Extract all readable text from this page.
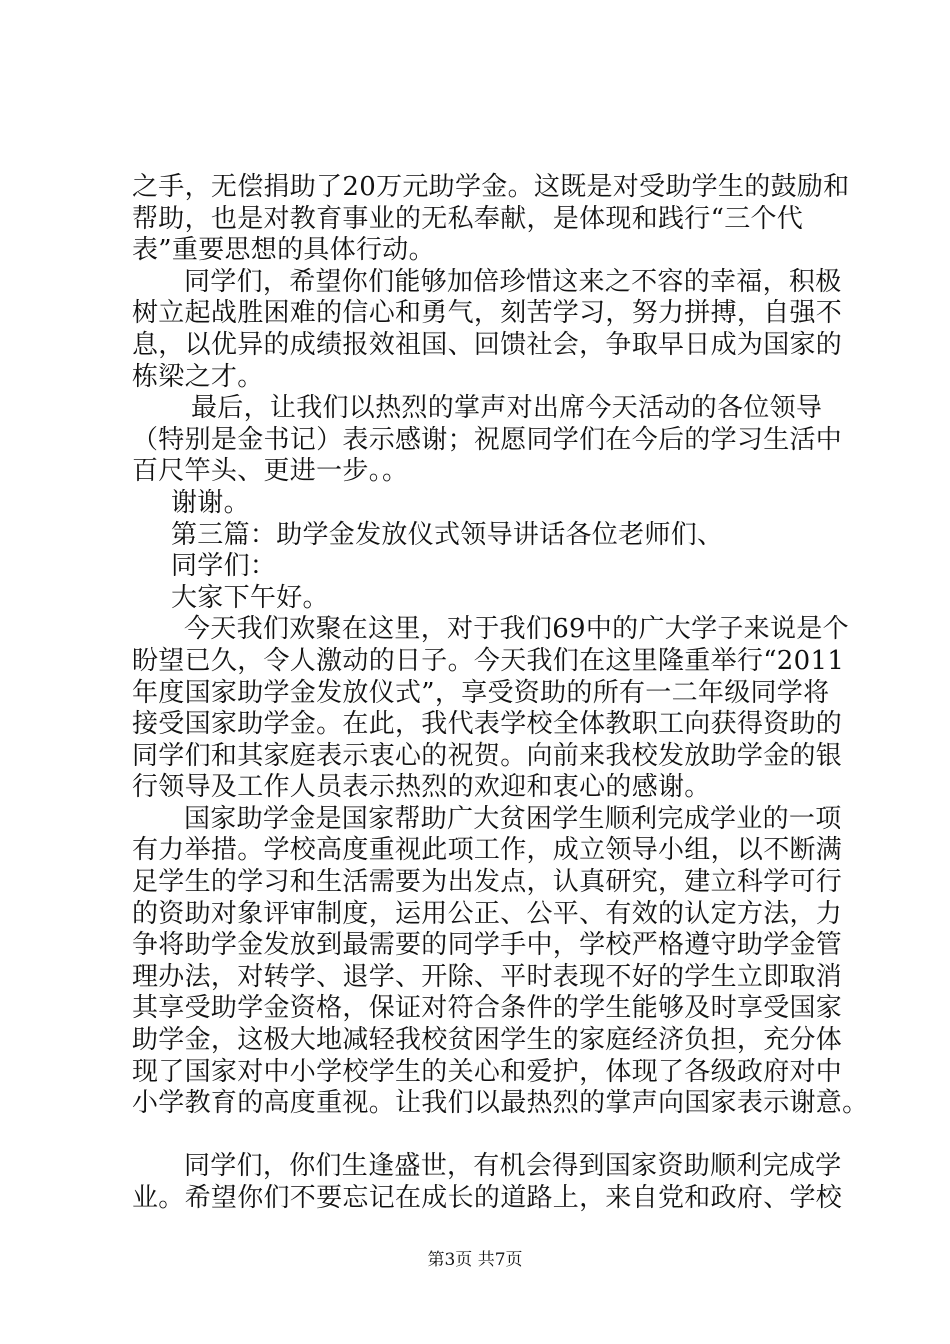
之手，无偿捐助了20万元助学金。这既是对受助学生的鼓励和
帮助，也是对教育事业的无私奉献，是体现和践行“三个代
表”重要思想的具体行动。
同学们，希望你们能够加倍珍惜这来之不容的幸福，积极
树立起战胜困难的信心和勇气，刻苦学习，努力拼搏，自强不
息，以优异的成绩报效祖国、回馈社会，争取早日成为国家的
栋梁之才。
最后，让我们以热烈的掌声对出席今天活动的各位领导
（特别是金书记）表示感谢；祝愿同学们在今后的学习生活中
百尺竿头、更进一步。。
谢谢。
第三篇：助学金发放仪式领导讲话各位老师们、
同学们：
大家下午好。
今天我们欢聚在这里，对于我们69中的广大学子来说是个
盼望已久，令人激动的日子。今天我们在这里隆重举行“2011
年度国家助学金发放仪式”，享受资助的所有一二年级同学将
接受国家助学金。在此，我代表学校全体教职工向获得资助的
同学们和其家庭表示衷心的祝贺。向前来我校发放助学金的银
行领导及工作人员表示热烈的欢迎和衷心的感谢。
国家助学金是国家帮助广大贫困学生顺利完成学业的一项
有力举措。学校高度重视此项工作，成立领导小组，以不断满
足学生的学习和生活需要为出发点，认真研究，建立科学可行
的资助对象评审制度，运用公正、公平、有效的认定方法，力
争将助学金发放到最需要的同学手中，学校严格遵守助学金管
理办法，对转学、退学、开除、平时表现不好的学生立即取消
其享受助学金资格，保证对符合条件的学生能够及时享受国家
助学金，这极大地减轻我校贫困学生的家庭经济负担，充分体
现了国家对中小学校学生的关心和爱护，体现了各级政府对中
小学教育的高度重视。让我们以最热烈的掌声向国家表示谢意。
同学们，你们生逢盛世，有机会得到国家资助顺利完成学
业。希望你们不要忘记在成长的道路上，来自党和政府、学校
第3页 共7页
